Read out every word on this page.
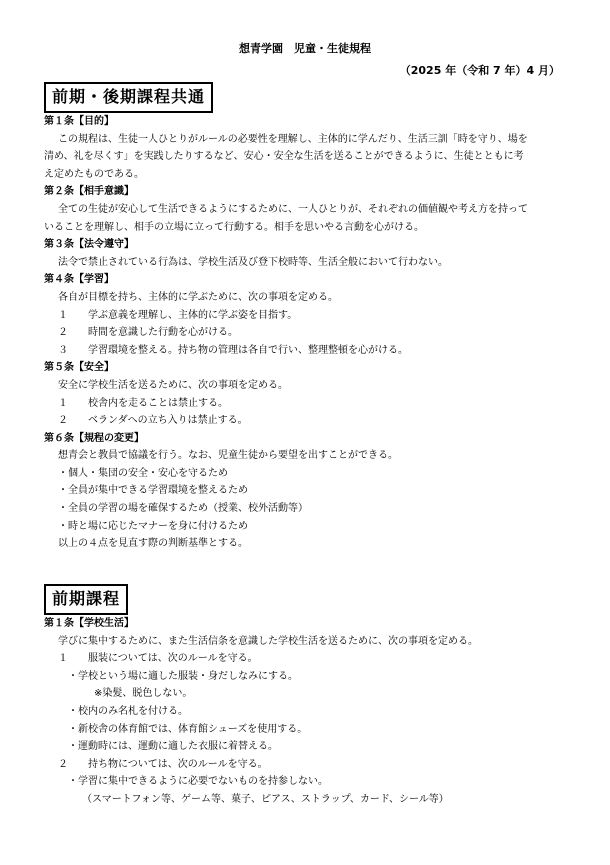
想青学園　児童・生徒規程
（2025 年（令和 7 年）4 月）
前期・後期課程共通
第１条【目的】
この規程は、生徒一人ひとりがルールの必要性を理解し、主体的に学んだり、生活三訓「時を守り、場を
清め、礼を尽くす」を実践したりするなど、安心・安全な生活を送ることができるように、生徒とともに考
え定めたものである。
第２条【相手意識】
全ての生徒が安心して生活できるようにするために、一人ひとりが、それぞれの価値観や考え方を持って
いることを理解し、相手の立場に立って行動する。相手を思いやる言動を心がける。
第３条【法令遵守】
法令で禁止されている行為は、学校生活及び登下校時等、生活全般において行わない。
第４条【学習】
各自が目標を持ち、主体的に学ぶために、次の事項を定める。
１ 学ぶ意義を理解し、主体的に学ぶ姿を目指す。
２ 時間を意識した行動を心がける。
３ 学習環境を整える。持ち物の管理は各自で行い、整理整頓を心がける。
第５条【安全】
安全に学校生活を送るために、次の事項を定める。
１ 校舎内を走ることは禁止する。
２ ベランダへの立ち入りは禁止する。
第６条【規程の変更】
想青会と教員で協議を行う。なお、児童生徒から要望を出すことができる。
・個人・集団の安全・安心を守るため
・全員が集中できる学習環境を整えるため
・全員の学習の場を確保するため（授業、校外活動等）
・時と場に応じたマナーを身に付けるため
以上の４点を見直す際の判断基準とする。
前期課程
第１条【学校生活】
学びに集中するために、また生活信条を意識した学校生活を送るために、次の事項を定める。
１ 服装については、次のルールを守る。
・学校という場に適した服装・身だしなみにする。
※染髪、脱色しない。
・校内のみ名札を付ける。
・新校舎の体育館では、体育館シューズを使用する。
・運動時には、運動に適した衣服に着替える。
２ 持ち物については、次のルールを守る。
・学習に集中できるように必要でないものを持参しない。
（スマートフォン等、ゲーム等、菓子、ピアス、ストラップ、カード、シール等）
